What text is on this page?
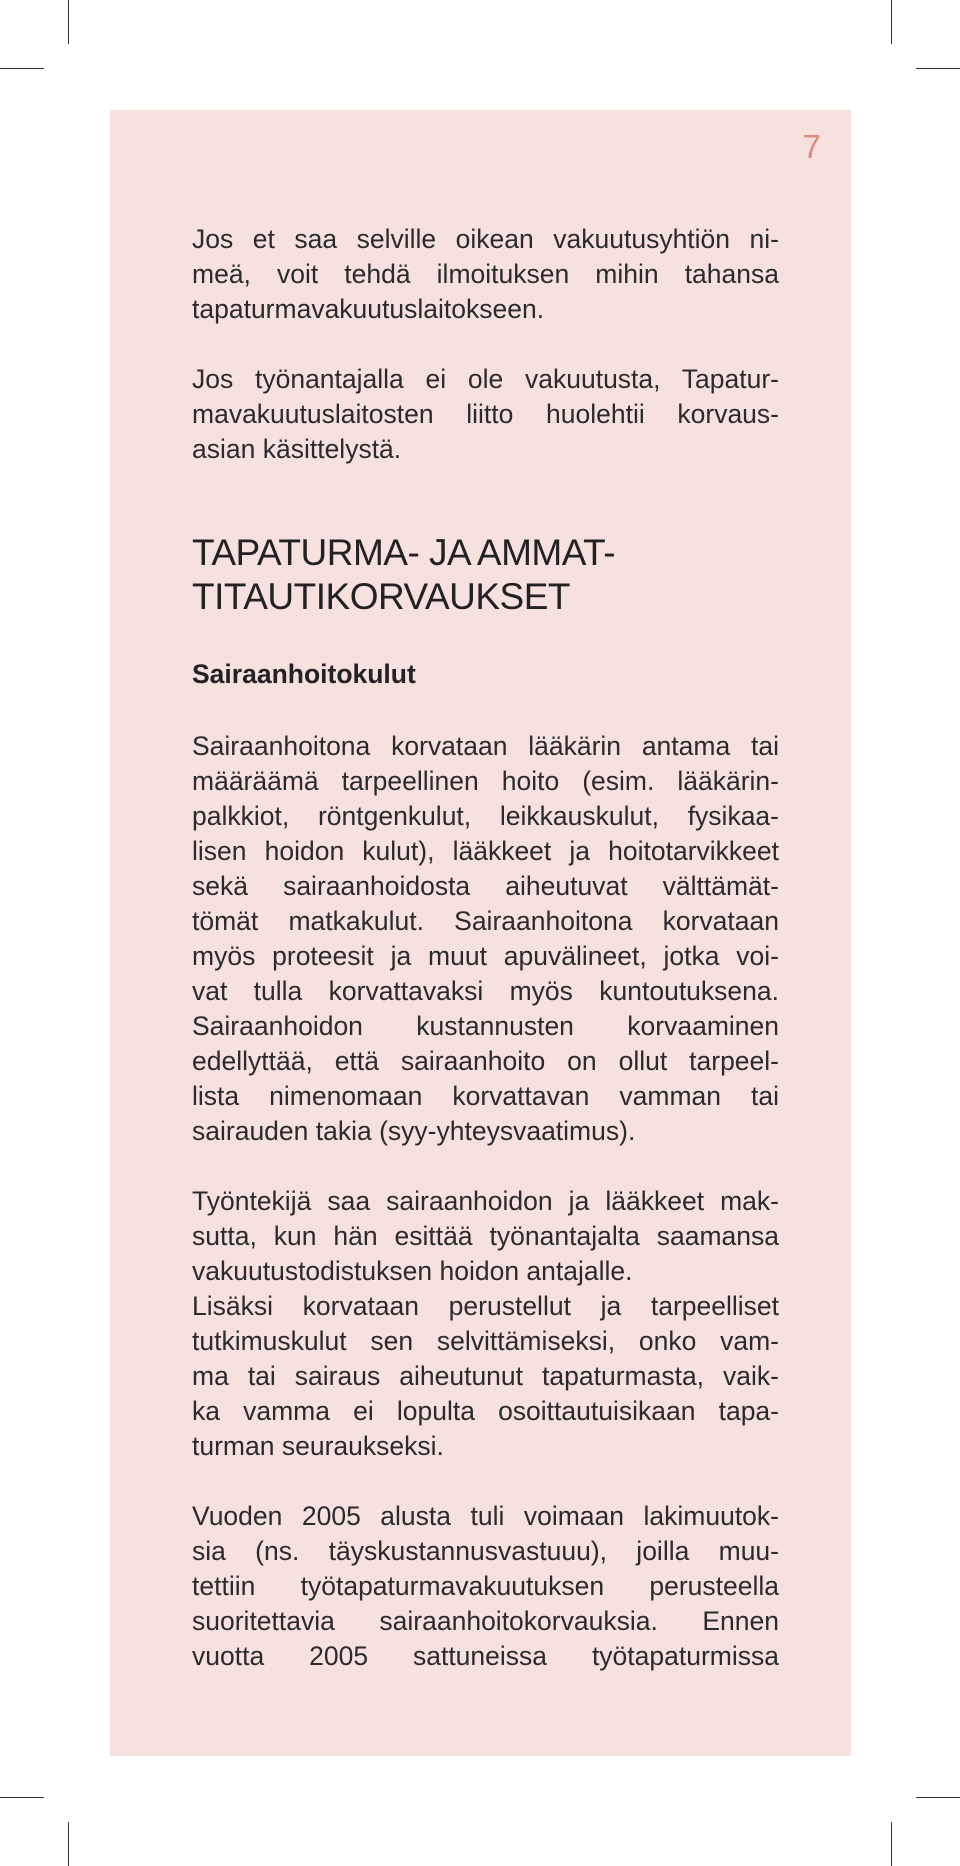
7

Jos et saa selville oikean vakuutusyhtiön ni-
meä, voit tehdä ilmoituksen mihin tahansa
tapaturmavakuutuslaitokseen.

Jos työnantajalla ei ole vakuutusta, Tapatur-
mavakuutuslaitosten liitto huolehtii korvaus-
asian käsittelystä.

TAPATURMA- JA AMMAT-
TITAUTIKORVAUKSET
Sairaanhoitokulut

Sairaanhoitona korvataan lääkärin antama tai
määräämä tarpeellinen hoito (esim. lääkärin-
palkkiot, röntgenkulut, leikkauskulut, fysikaa-
lisen hoidon kulut), lääkkeet ja hoitotarvikkeet
sekä sairaanhoidosta aiheutuvat välttämät-
tömät matkakulut. Sairaanhoitona korvataan
myös proteesit ja muut apuvälineet, jotka voi-
vat tulla korvattavaksi myös kuntoutuksena.
Sairaanhoidon kustannusten korvaaminen
edellyttää, että sairaanhoito on ollut tarpeel-
lista nimenomaan korvattavan vamman tai
sairauden takia (syy-yhteysvaatimus).

Työntekijä saa sairaanhoidon ja lääkkeet mak-
sutta, kun hän esittää työnantajalta saamansa
vakuutustodistuksen hoidon antajalle.
Lisäksi korvataan perustellut ja tarpeelliset
tutkimuskulut sen selvittämiseksi, onko vam-
ma tai sairaus aiheutunut tapaturmasta, vaik-
ka vamma ei lopulta osoittautuisikaan tapa-
turman seuraukseksi.

Vuoden 2005 alusta tuli voimaan lakimuutok-
sia (ns. täyskustannusvastuuu), joilla muu-
tettiin työtapaturmavakuutuksen perusteella
suoritettavia sairaanhoitokorvauksia. Ennen
vuotta 2005 sattuneissa työtapaturmissa
